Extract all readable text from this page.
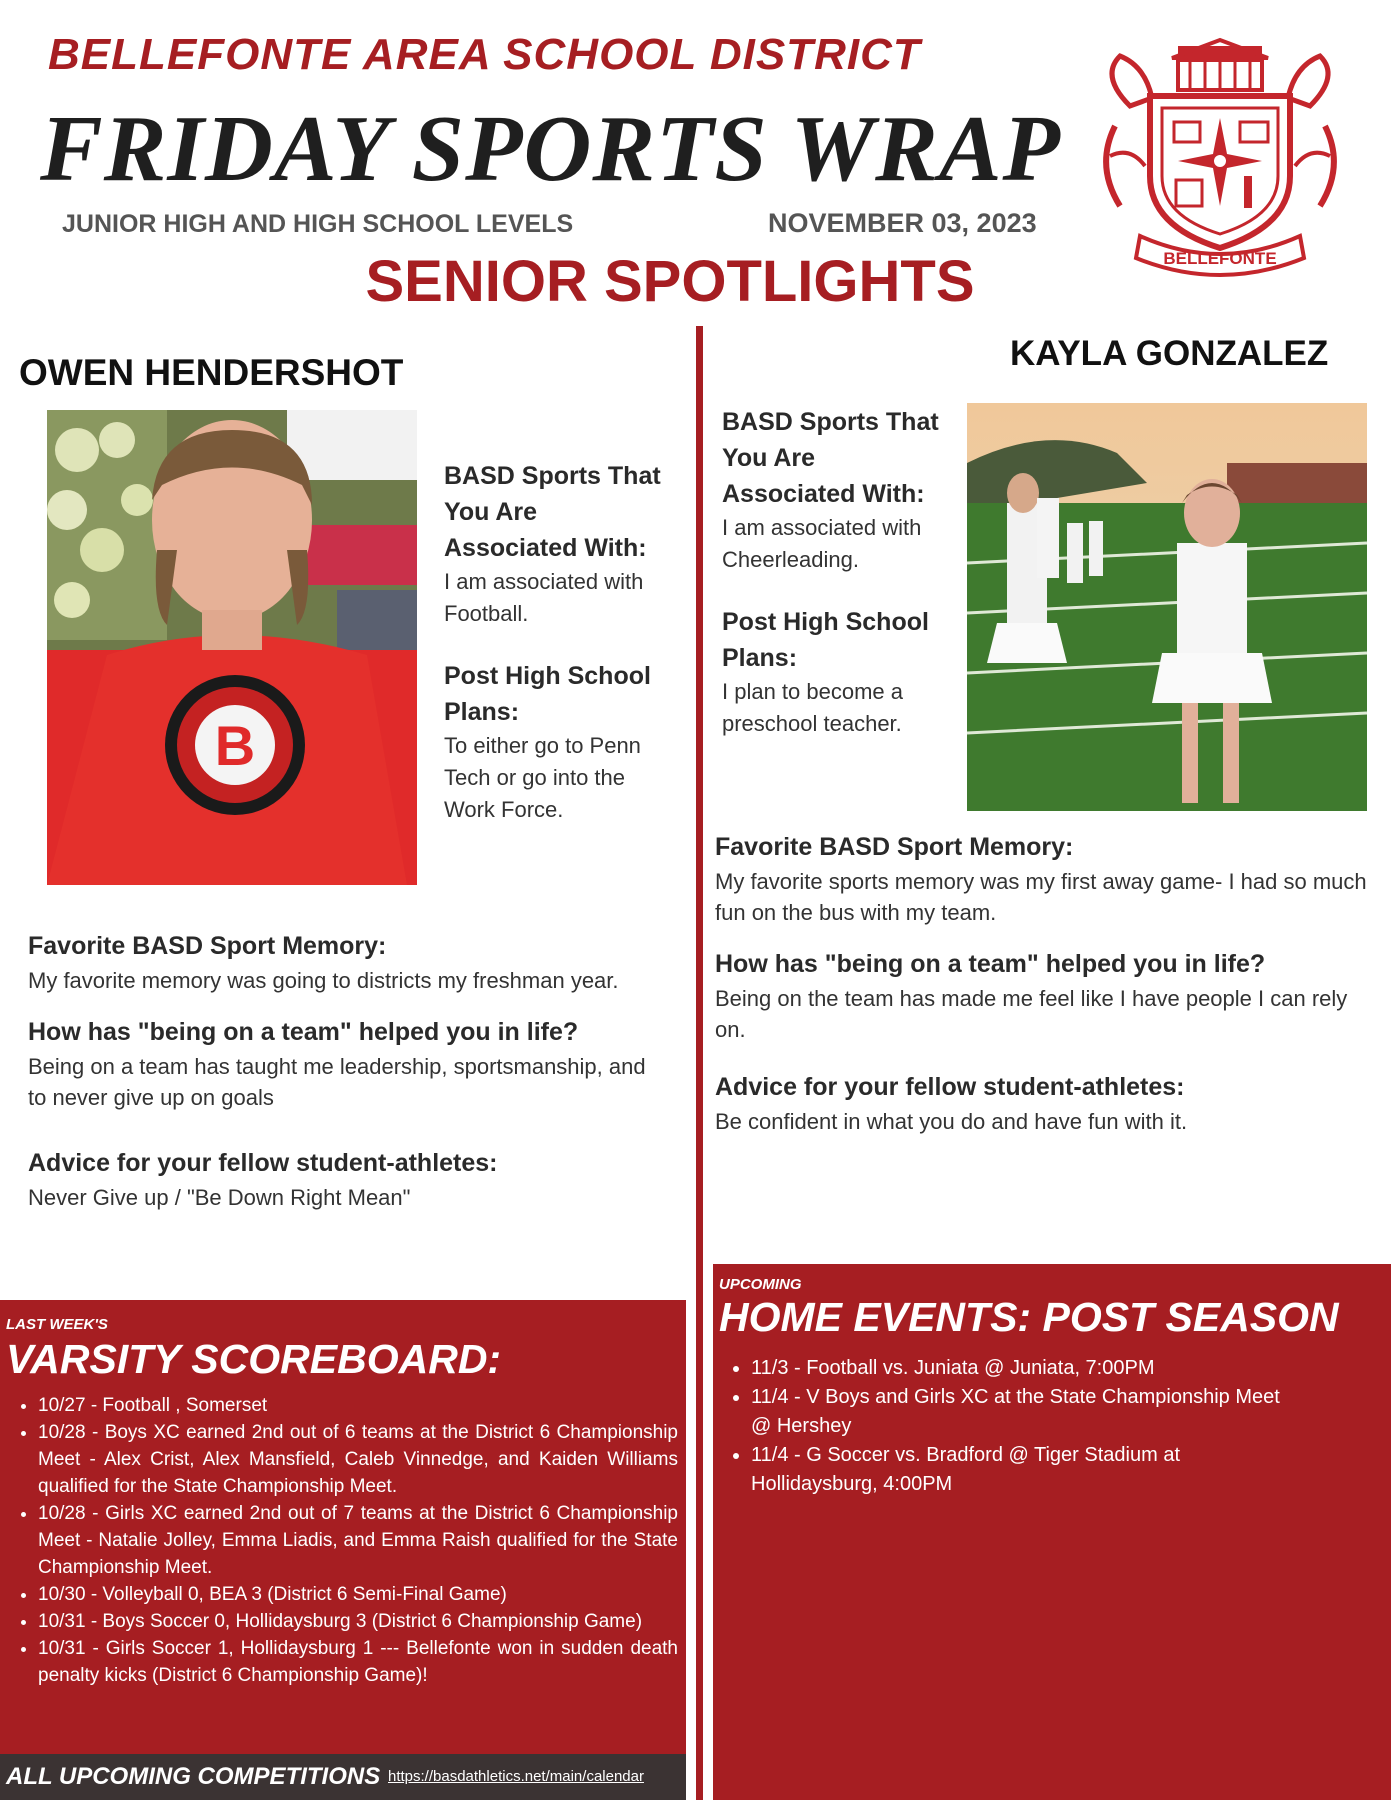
BELLEFONTE AREA SCHOOL DISTRICT
FRIDAY SPORTS WRAP
JUNIOR HIGH AND HIGH SCHOOL LEVELS	NOVEMBER 03, 2023
SENIOR SPOTLIGHTS	BELLEFONTE
OWEN HENDERSHOT
B
BASD Sports That
You Are
Associated With:
I am associated with
Football.
Post High School
Plans:
To either go to Penn
Tech or go into the
Work Force.
Favorite BASD Sport Memory:
My favorite memory was going to districts my freshman year.
How has "being on a team" helped you in life?
Being on a team has taught me leadership, sportsmanship, and to never give up on goals
Advice for your fellow student-athletes:
Never Give up / "Be Down Right Mean"
KAYLA GONZALEZ
BASD Sports That
You Are
Associated With:
I am associated with
Cheerleading.
Post High School
Plans:
I plan to become a
preschool teacher.
Favorite BASD Sport Memory:
My favorite sports memory was my first away game- I had so much fun on the bus with my team.
How has "being on a team" helped you in life?
Being on the team has made me feel like I have people I can rely on.
Advice for your fellow student-athletes:
Be confident in what you do and have fun with it.
LAST WEEK'S
VARSITY SCOREBOARD:
• 10/27 - Football , Somerset
• 10/28 - Boys XC earned 2nd out of 6 teams at the District 6 Championship Meet - Alex Crist, Alex Mansfield, Caleb Vinnedge, and Kaiden Williams qualified for the State Championship Meet.
• 10/28 - Girls XC earned 2nd out of 7 teams at the District 6 Championship Meet - Natalie Jolley, Emma Liadis, and Emma Raish qualified for the State Championship Meet.
• 10/30 - Volleyball 0, BEA 3 (District 6 Semi-Final Game)
• 10/31 - Boys Soccer 0, Hollidaysburg 3 (District 6 Championship Game)
• 10/31 - Girls Soccer 1, Hollidaysburg 1 --- Bellefonte won in sudden death penalty kicks (District 6 Championship Game)!
UPCOMING
HOME EVENTS: POST SEASON
• 11/3 - Football vs. Juniata @ Juniata, 7:00PM
• 11/4 - V Boys and Girls XC at the State Championship Meet @ Hershey
• 11/4 - G Soccer vs. Bradford @ Tiger Stadium at Hollidaysburg, 4:00PM
ALL UPCOMING COMPETITIONS https://basdathletics.net/main/calendar
